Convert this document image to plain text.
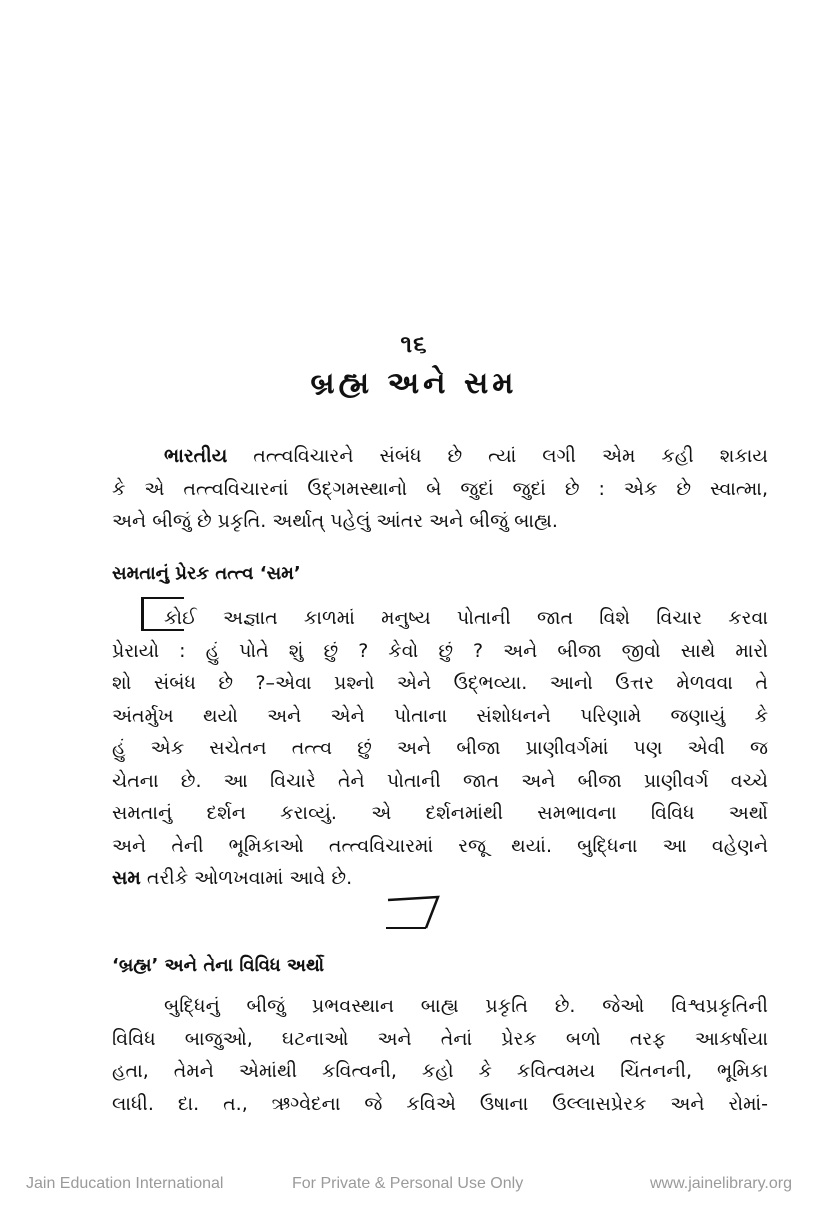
૧૬
બ્રહ્મ અને સમ
ભારતીય તત્ત્વવિચારને સંબંધ છે ત્યાં લગી એમ કહી શકાય
કે એ તત્ત્વવિચારનાં ઉદ્ગમસ્થાનો બે જુદાં જુદાં છે : એક છે સ્વાત્મા,
અને બીજું છે પ્રકૃતિ. અર્થાત્ પહેલું આંતર અને બીજું બાહ્ય.
સમતાનું પ્રેરક તત્ત્વ ‘સમ’
કોઈ અજ્ઞાત કાળમાં મનુષ્ય પોતાની જાત વિશે વિચાર કરવા
પ્રેરાયો : હું પોતે શું છું ? કેવો છું ? અને બીજા જીવો સાથે મારો
શો સંબંધ છે ?–એવા પ્રશ્નો એને ઉદ્ભવ્યા. આનો ઉત્તર મેળવવા તે
અંતર્મુખ થયો અને એને પોતાના સંશોધનને પરિણામે જણાયું કે
હું એક સચેતન તત્ત્વ છું અને બીજા પ્રાણીવર્ગમાં પણ એવી જ
ચેતના છે. આ વિચારે તેને પોતાની જાત અને બીજા પ્રાણીવર્ગ વચ્ચે
સમતાનું દર્શન કરાવ્યું. એ દર્શનમાંથી સમભાવના વિવિધ અર્થો
અને તેની ભૂમિકાઓ તત્ત્વવિચારમાં રજૂ થયાં. બુદ્ધિના આ વહેણને
સમ તરીકે ઓળખવામાં આવે છે.
‘બ્રહ્મ’ અને તેના વિવિધ અર્થો
બુદ્ધિનું બીજું પ્રભવસ્થાન બાહ્ય પ્રકૃતિ છે. જેઓ વિશ્વપ્રકૃતિની
વિવિધ બાજુઓ, ઘટનાઓ અને તેનાં પ્રેરક બળો તરફ આકર્ષાયા
હતા, તેમને એમાંથી કવિત્વની, કહો કે કવિત્વમય ચિંતનની, ભૂમિકા
લાધી. દા. ત., ઋગ્વેદના જે કવિએ ઉષાના ઉલ્લાસપ્રેરક અને રોમાં-
Jain Education International	For Private & Personal Use Only	www.jainelibrary.org
